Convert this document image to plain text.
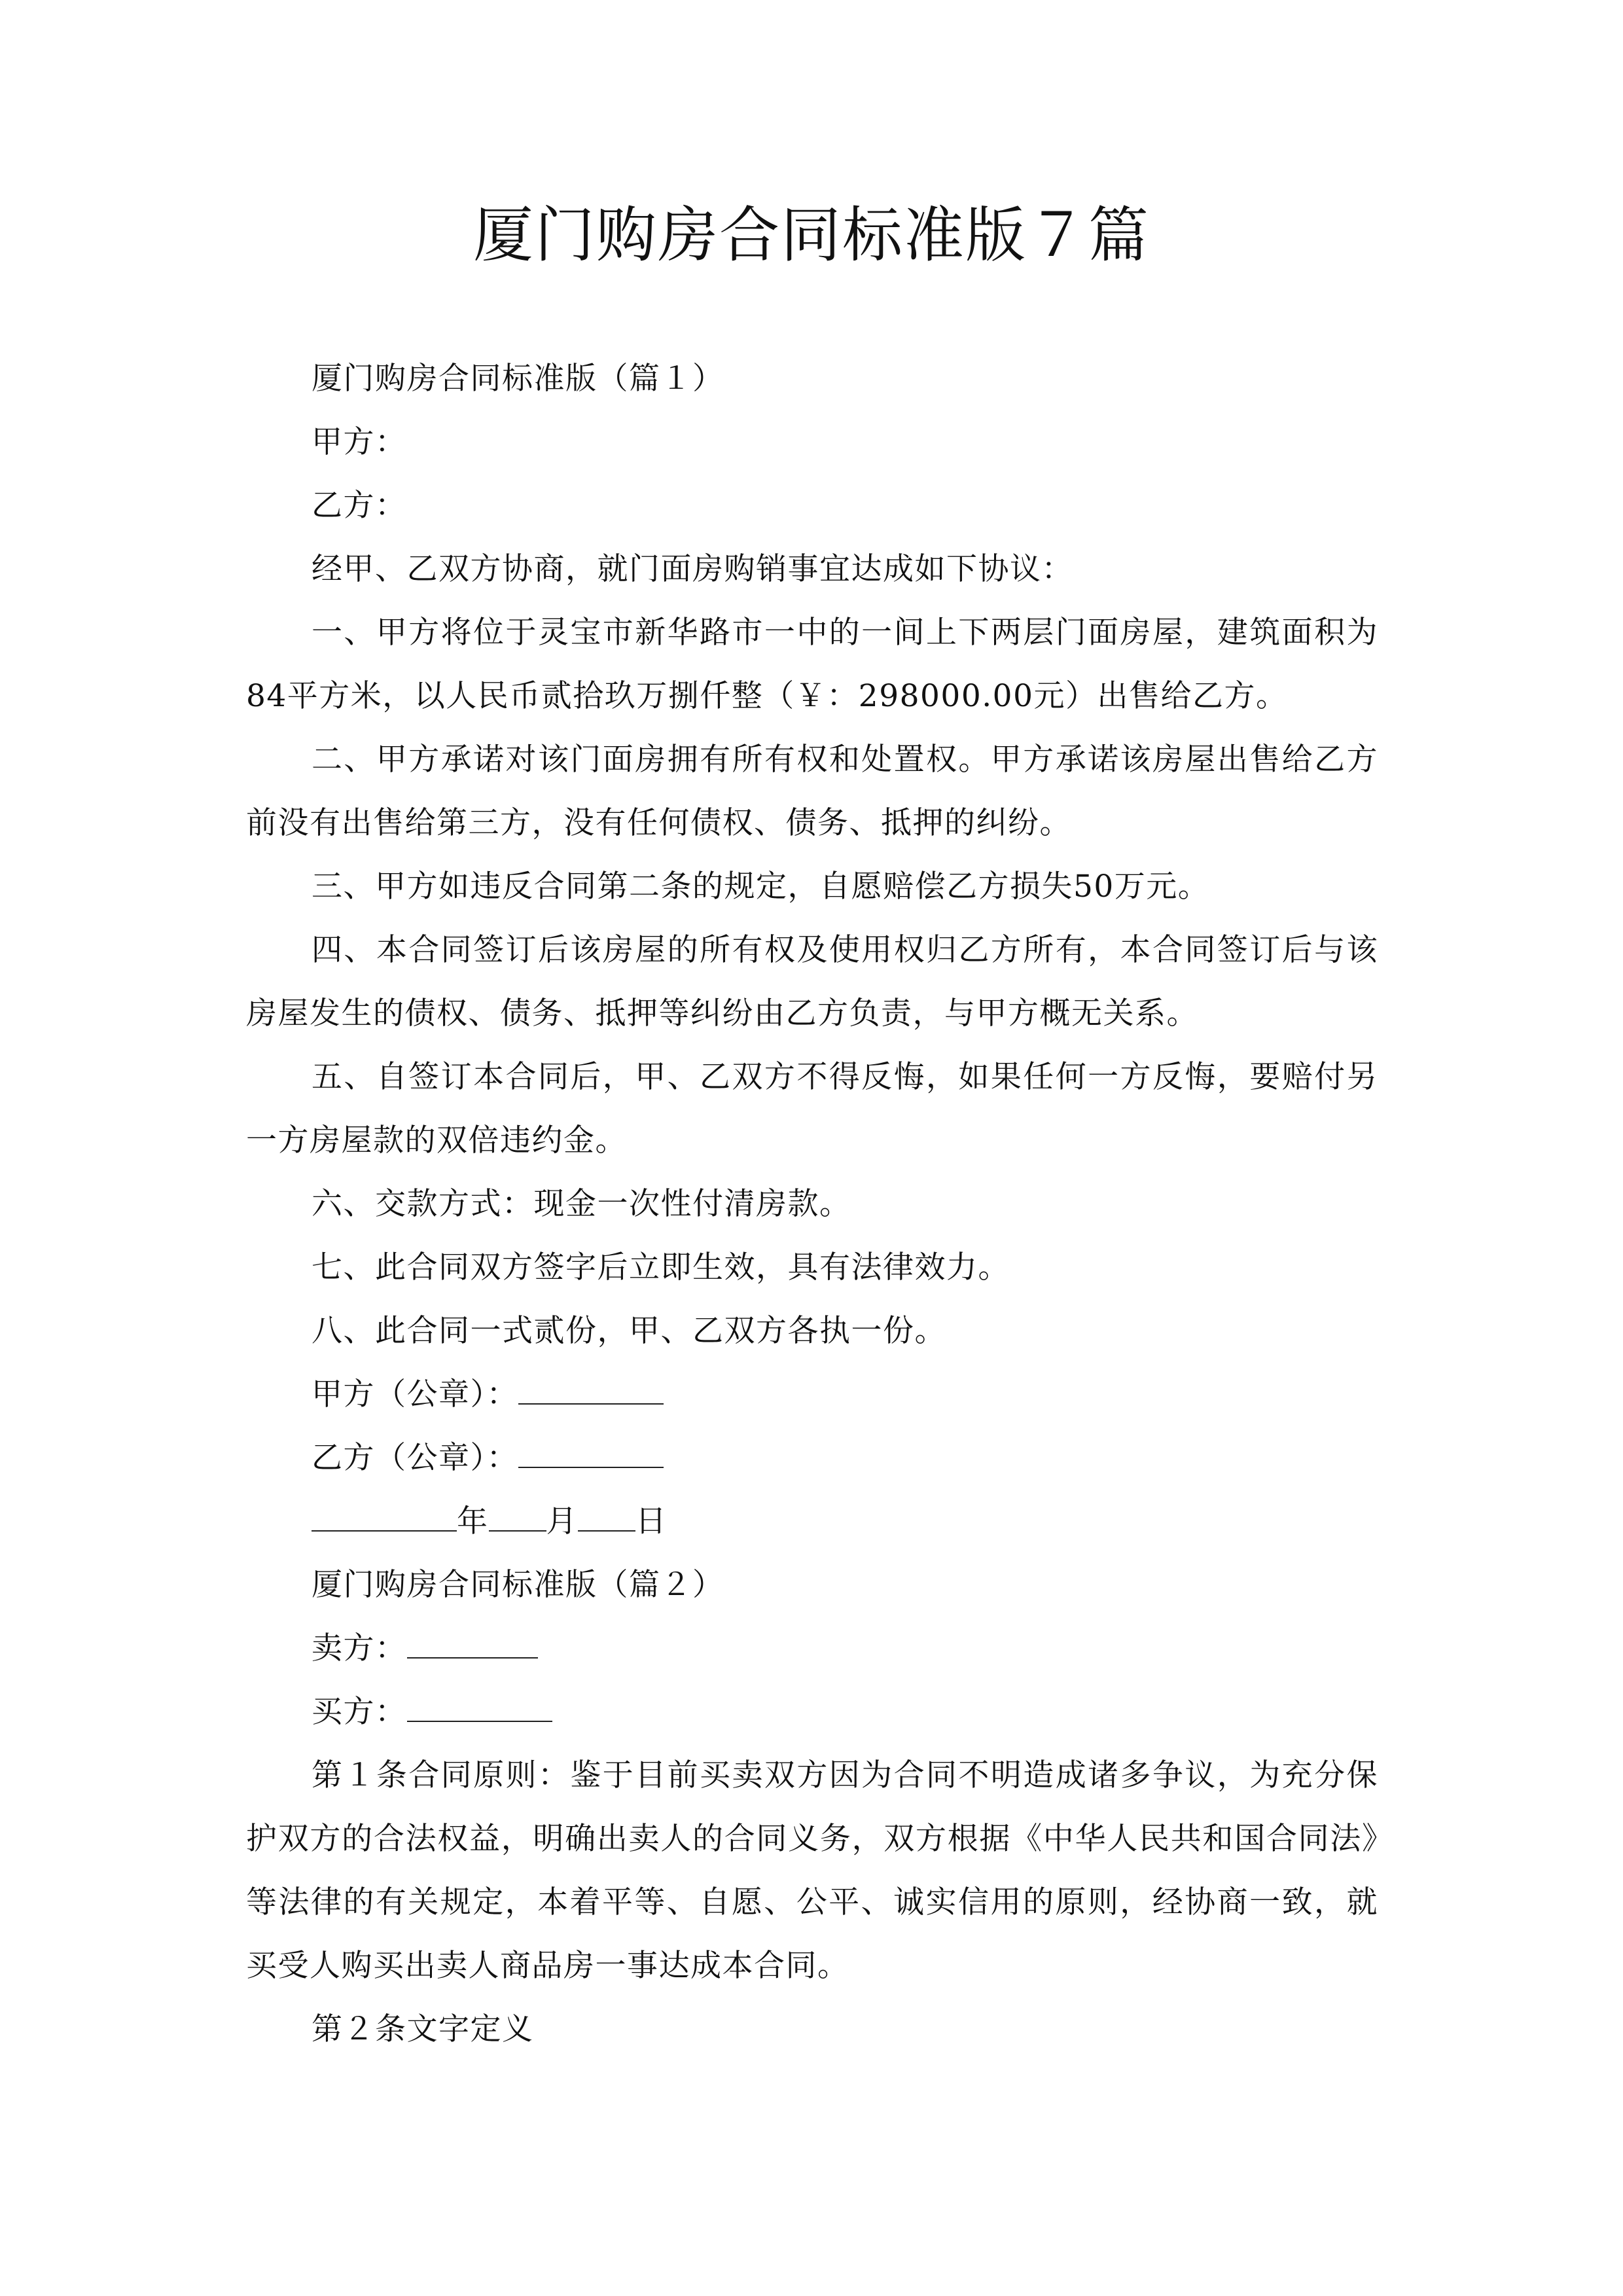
厦门购房合同标准版７篇

厦门购房合同标准版（篇１）

甲方：

乙方：

经甲、乙双方协商，就门面房购销事宜达成如下协议：

一、甲方将位于灵宝市新华路市一中的一间上下两层门面房屋，建筑面积为84平方米，以人民币贰拾玖万捌仟整（￥：298000.00元）出售给乙方。

二、甲方承诺对该门面房拥有所有权和处置权。甲方承诺该房屋出售给乙方前没有出售给第三方，没有任何债权、债务、抵押的纠纷。

三、甲方如违反合同第二条的规定，自愿赔偿乙方损失50万元。

四、本合同签订后该房屋的所有权及使用权归乙方所有，本合同签订后与该房屋发生的债权、债务、抵押等纠纷由乙方负责，与甲方概无关系。

五、自签订本合同后，甲、乙双方不得反悔，如果任何一方反悔，要赔付另一方房屋款的双倍违约金。

六、交款方式：现金一次性付清房款。

七、此合同双方签字后立即生效，具有法律效力。

八、此合同一式贰份，甲、乙双方各执一份。

甲方（公章）：

乙方（公章）：

年 月 日

厦门购房合同标准版（篇２）

卖方：

买方：

第１条合同原则：鉴于目前买卖双方因为合同不明造成诸多争议，为充分保护双方的合法权益，明确出卖人的合同义务，双方根据《中华人民共和国合同法》等法律的有关规定，本着平等、自愿、公平、诚实信用的原则，经协商一致，就买受人购买出卖人商品房一事达成本合同。

第２条文字定义
